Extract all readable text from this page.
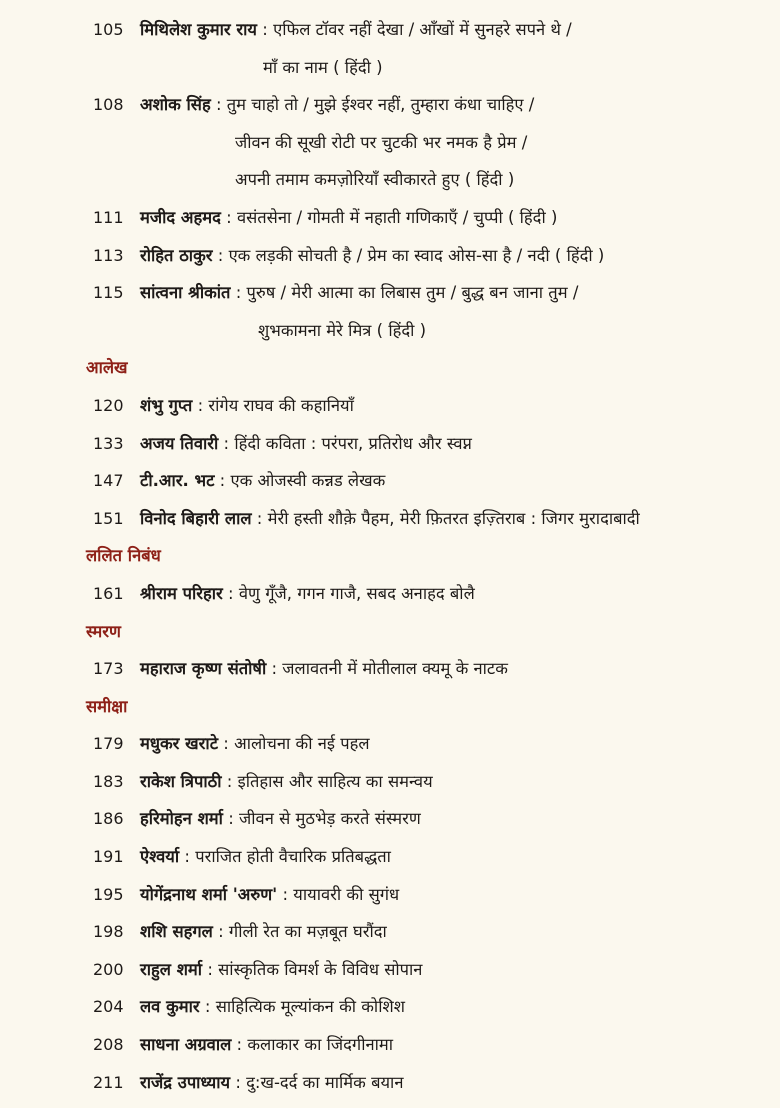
105 मिथिलेश कुमार राय : एफिल टॉवर नहीं देखा / आँखों में सुनहरे सपने थे /
माँ का नाम ( हिंदी )
108 अशोक सिंह : तुम चाहो तो / मुझे ईश्वर नहीं, तुम्हारा कंधा चाहिए /
जीवन की सूखी रोटी पर चुटकी भर नमक है प्रेम /
अपनी तमाम कमज़ोरियाँ स्वीकारते हुए ( हिंदी )
111 मजीद अहमद : वसंतसेना / गोमती में नहाती गणिकाएँ / चुप्पी ( हिंदी )
113 रोहित ठाकुर : एक लड़की सोचती है / प्रेम का स्वाद ओस-सा है / नदी ( हिंदी )
115 सांत्वना श्रीकांत : पुरुष / मेरी आत्मा का लिबास तुम / बुद्ध बन जाना तुम /
शुभकामना मेरे मित्र ( हिंदी )
आलेख
120 शंभु गुप्त : रांगेय राघव की कहानियाँ
133 अजय तिवारी : हिंदी कविता : परंपरा, प्रतिरोध और स्वप्न
147 टी.आर. भट : एक ओजस्वी कन्नड लेखक
151 विनोद बिहारी लाल : मेरी हस्ती शौक़े पैहम, मेरी फ़ितरत इज़्तिराब : जिगर मुरादाबादी
ललित निबंध
161 श्रीराम परिहार : वेणु गूँजै, गगन गाजै, सबद अनाहद बोलै
स्मरण
173 महाराज कृष्ण संतोषी : जलावतनी में मोतीलाल क्यमू के नाटक
समीक्षा
179 मधुकर खराटे : आलोचना की नई पहल
183 राकेश त्रिपाठी : इतिहास और साहित्य का समन्वय
186 हरिमोहन शर्मा : जीवन से मुठभेड़ करते संस्मरण
191 ऐश्वर्या : पराजित होती वैचारिक प्रतिबद्धता
195 योगेंद्रनाथ शर्मा 'अरुण' : यायावरी की सुगंध
198 शशि सहगल : गीली रेत का मज़बूत घरौंदा
200 राहुल शर्मा : सांस्कृतिक विमर्श के विविध सोपान
204 लव कुमार : साहित्यिक मूल्यांकन की कोशिश
208 साधना अग्रवाल : कलाकार का जिंदगीनामा
211 राजेंद्र उपाध्याय : दु:ख-दर्द का मार्मिक बयान
